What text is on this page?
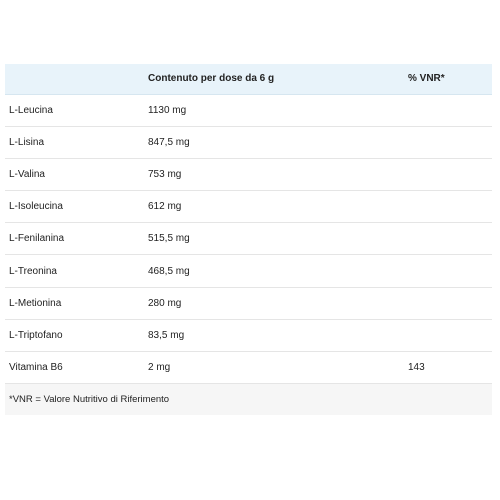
	Contenuto per dose da 6 g	% VNR*
L-Leucina	1130 mg	
L-Lisina	847,5 mg	
L-Valina	753 mg	
L-Isoleucina	612 mg	
L-Fenilanina	515,5 mg	
L-Treonina	468,5 mg	
L-Metionina	280 mg	
L-Triptofano	83,5 mg	
Vitamina B6	2 mg	143
*VNR = Valore Nutritivo di Riferimento		
